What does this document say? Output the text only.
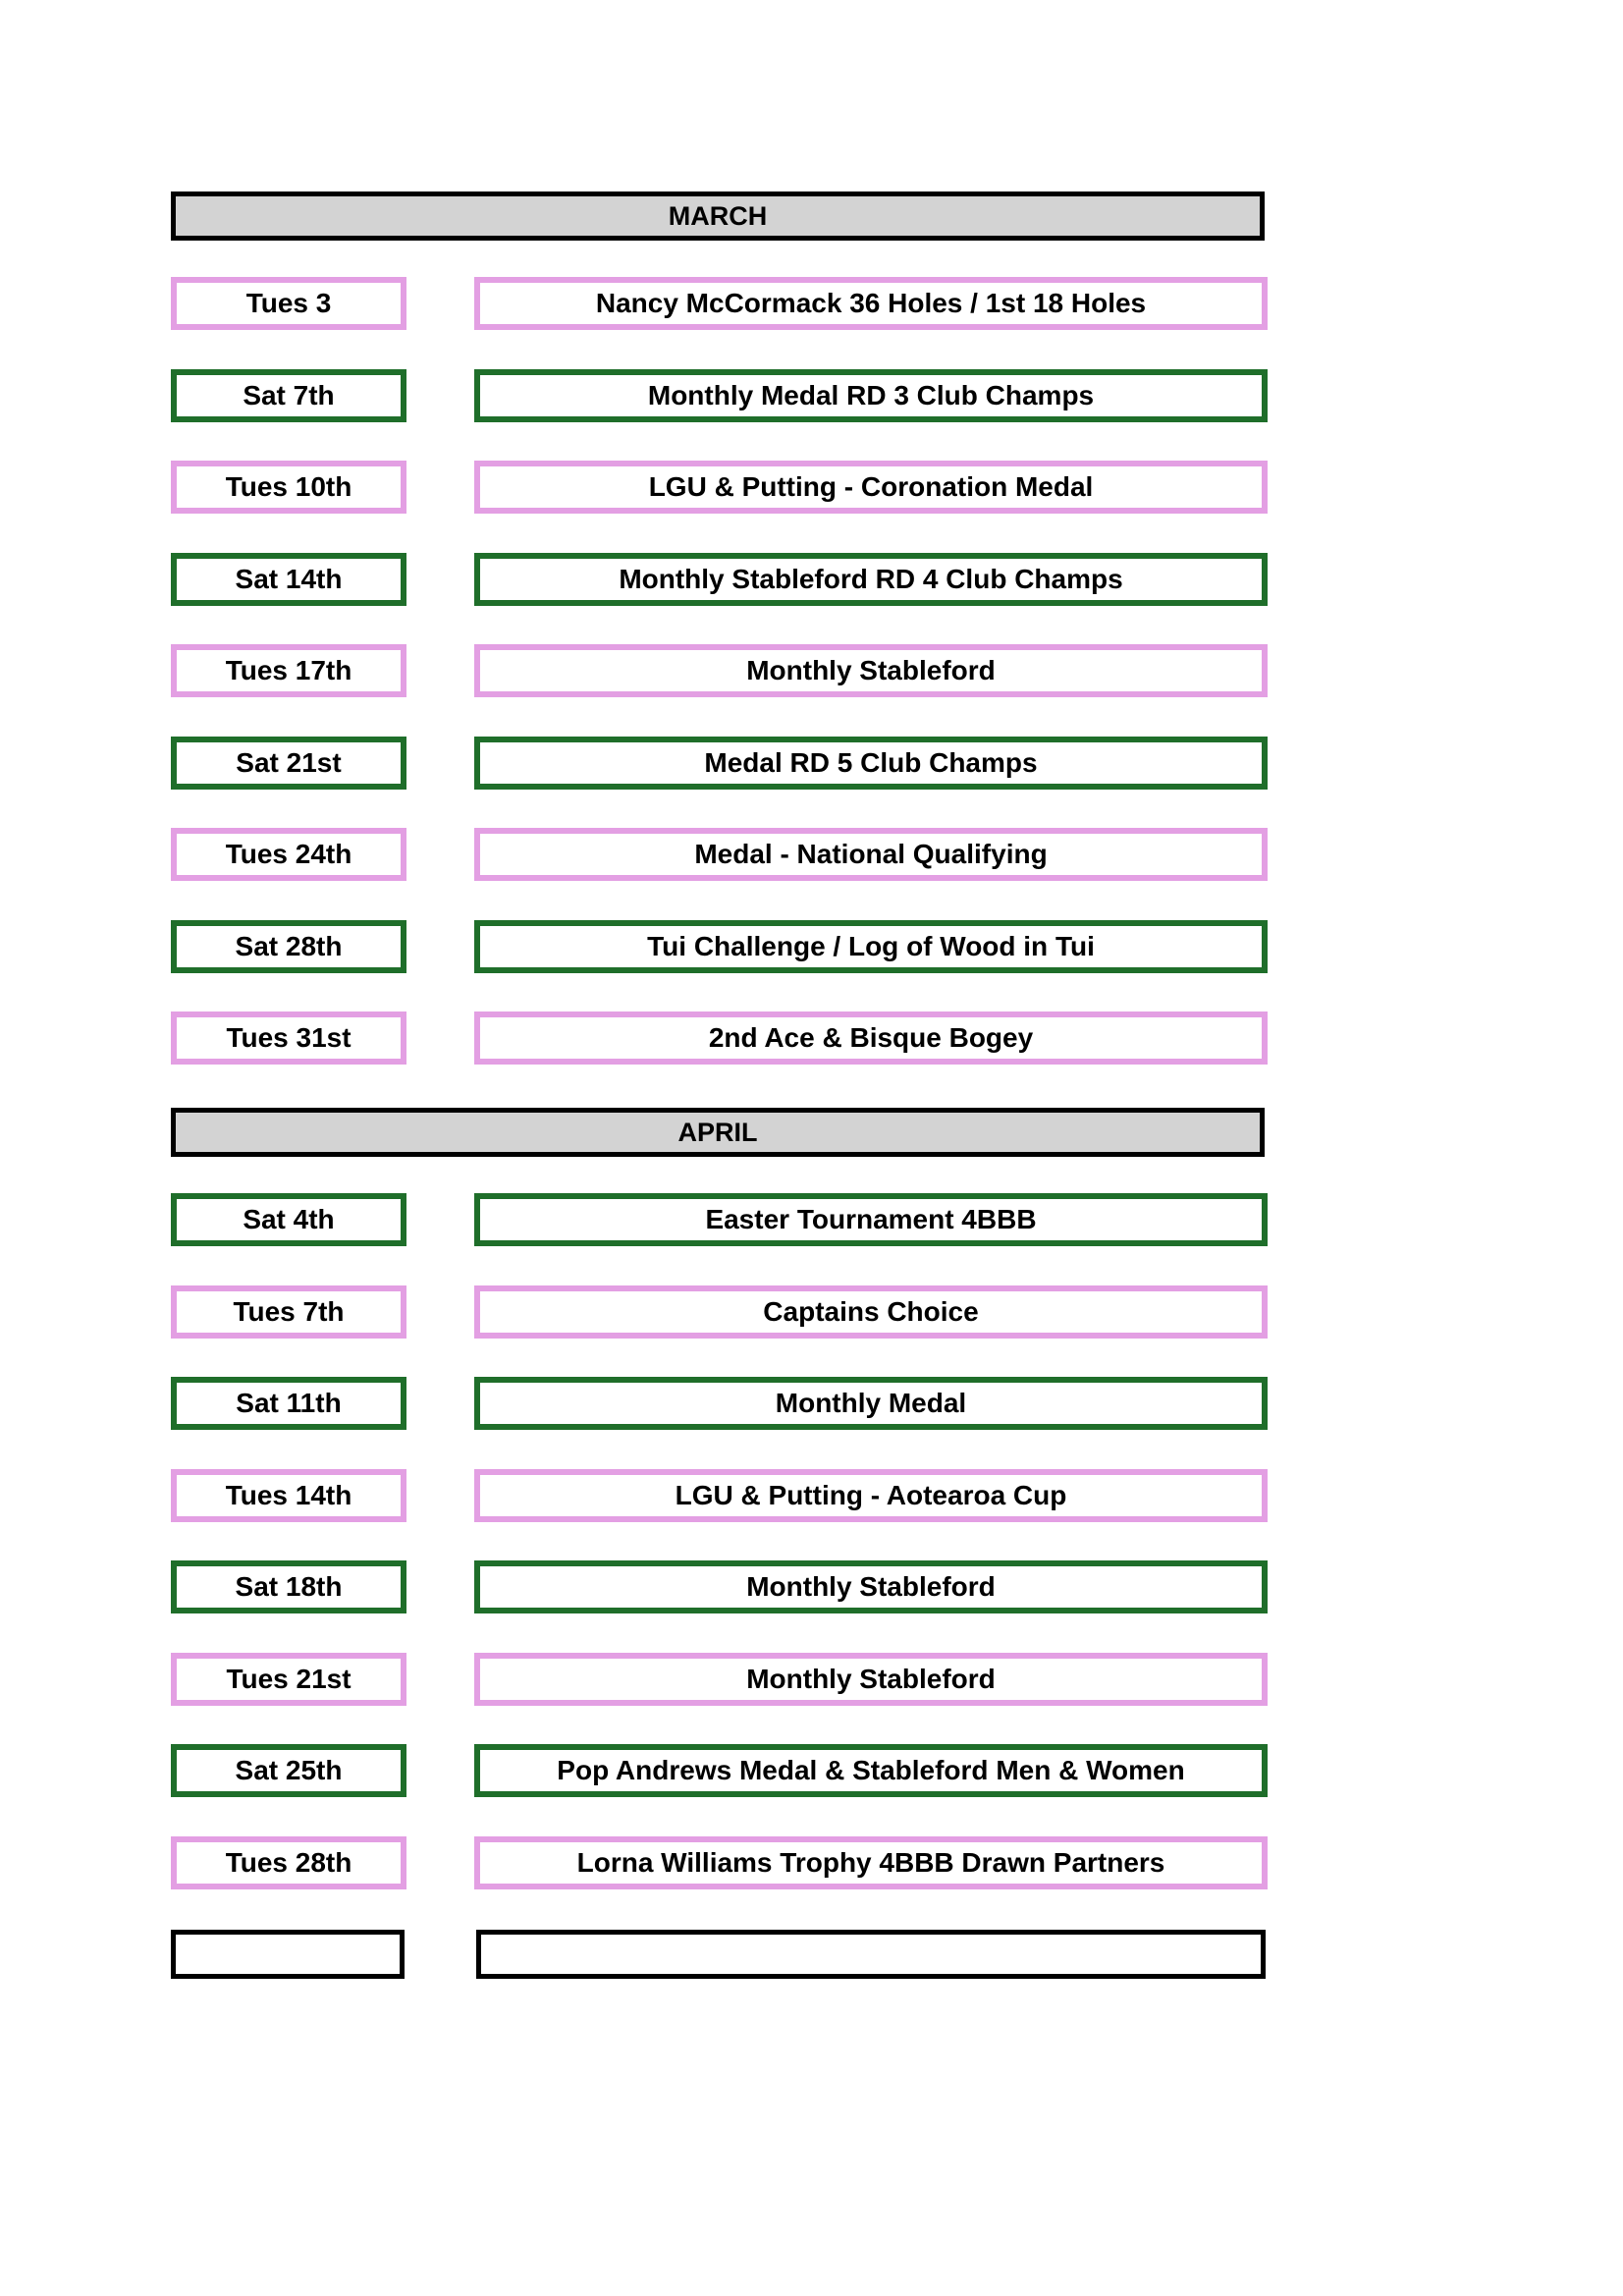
MARCH
Tues 3	Nancy McCormack 36 Holes / 1st 18 Holes
Sat 7th	Monthly Medal RD 3 Club Champs
Tues 10th	LGU & Putting - Coronation Medal
Sat 14th	Monthly Stableford RD 4 Club Champs
Tues 17th	Monthly Stableford
Sat 21st	Medal RD 5 Club Champs
Tues 24th	Medal - National Qualifying
Sat 28th	Tui Challenge / Log of Wood in Tui
Tues 31st	2nd Ace & Bisque Bogey
APRIL
Sat 4th	Easter Tournament 4BBB
Tues 7th	Captains Choice
Sat 11th	Monthly Medal
Tues 14th	LGU & Putting - Aotearoa Cup
Sat 18th	Monthly Stableford
Tues 21st	Monthly Stableford
Sat 25th	Pop Andrews Medal & Stableford Men & Women
Tues 28th	Lorna Williams Trophy 4BBB Drawn Partners
